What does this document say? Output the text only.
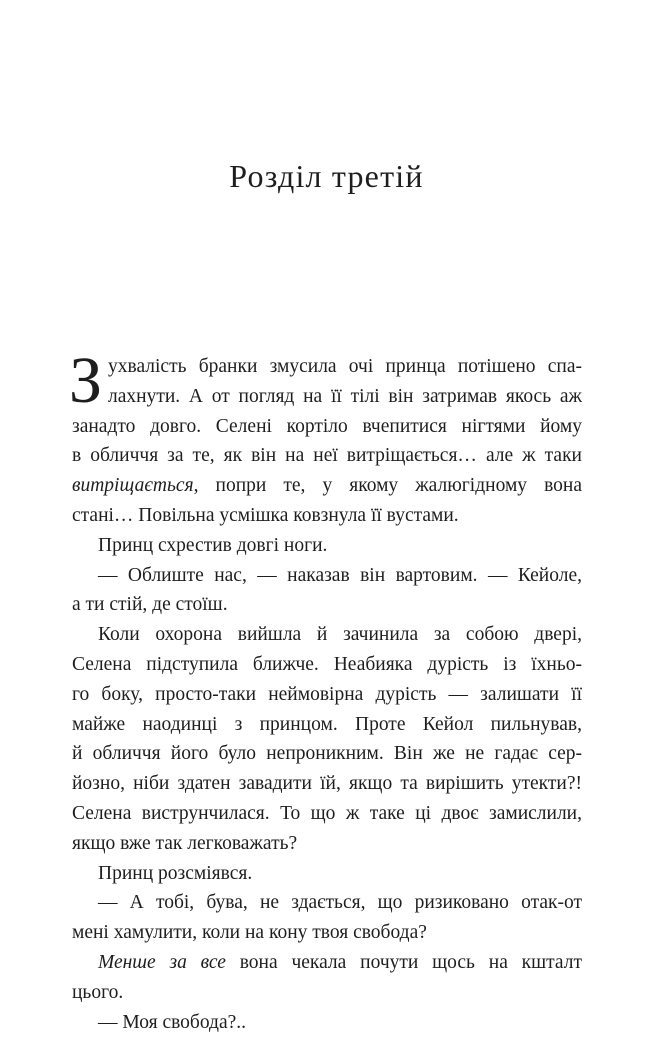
Розділ третій
З ухвалість бранки змусила очі принца потішено спа-
лахнути. А от погляд на її тілі він затримав якось аж
занадто довго. Селені кортіло вчепитися нігтями йому
в обличчя за те, як він на неї витріщається… але ж таки
витріщається, попри те, у якому жалюгідному вона
стані… Повільна усмішка ковзнула її вустами.
Принц схрестив довгі ноги.
— Облиште нас, — наказав він вартовим. — Кейоле,
а ти стій, де стоїш.
Коли охорона вийшла й зачинила за собою двері,
Селена підступила ближче. Неабияка дурість із їхньо-
го боку, просто-таки неймовірна дурість — залишати її
майже наодинці з принцом. Проте Кейол пильнував,
й обличчя його було непроникним. Він же не гадає сер-
йозно, ніби здатен завадити їй, якщо та вирішить утекти?!
Селена виструнчилася. То що ж таке ці двоє замислили,
якщо вже так легковажать?
Принц розсміявся.
— А тобі, бува, не здається, що ризиковано отак-от
мені хамулити, коли на кону твоя свобода?
Менше за все вона чекала почути щось на кшталт
цього.
— Моя свобода?..
